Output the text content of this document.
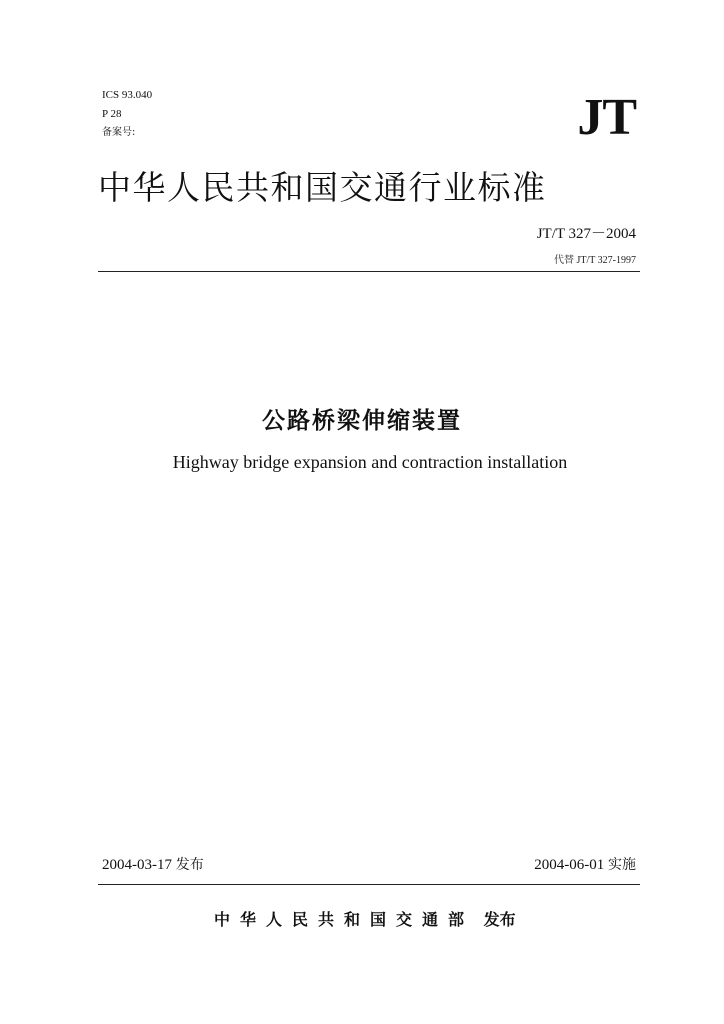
ICS 93.040
P 28
备案号:	JT
中华人民共和国交通行业标准
JT/T 327－2004
代替 JT/T 327-1997
公路桥梁伸缩装置
Highway bridge expansion and contraction installation
2004-03-17 发布	2004-06-01 实施
中华人民共和国交通部 发布
